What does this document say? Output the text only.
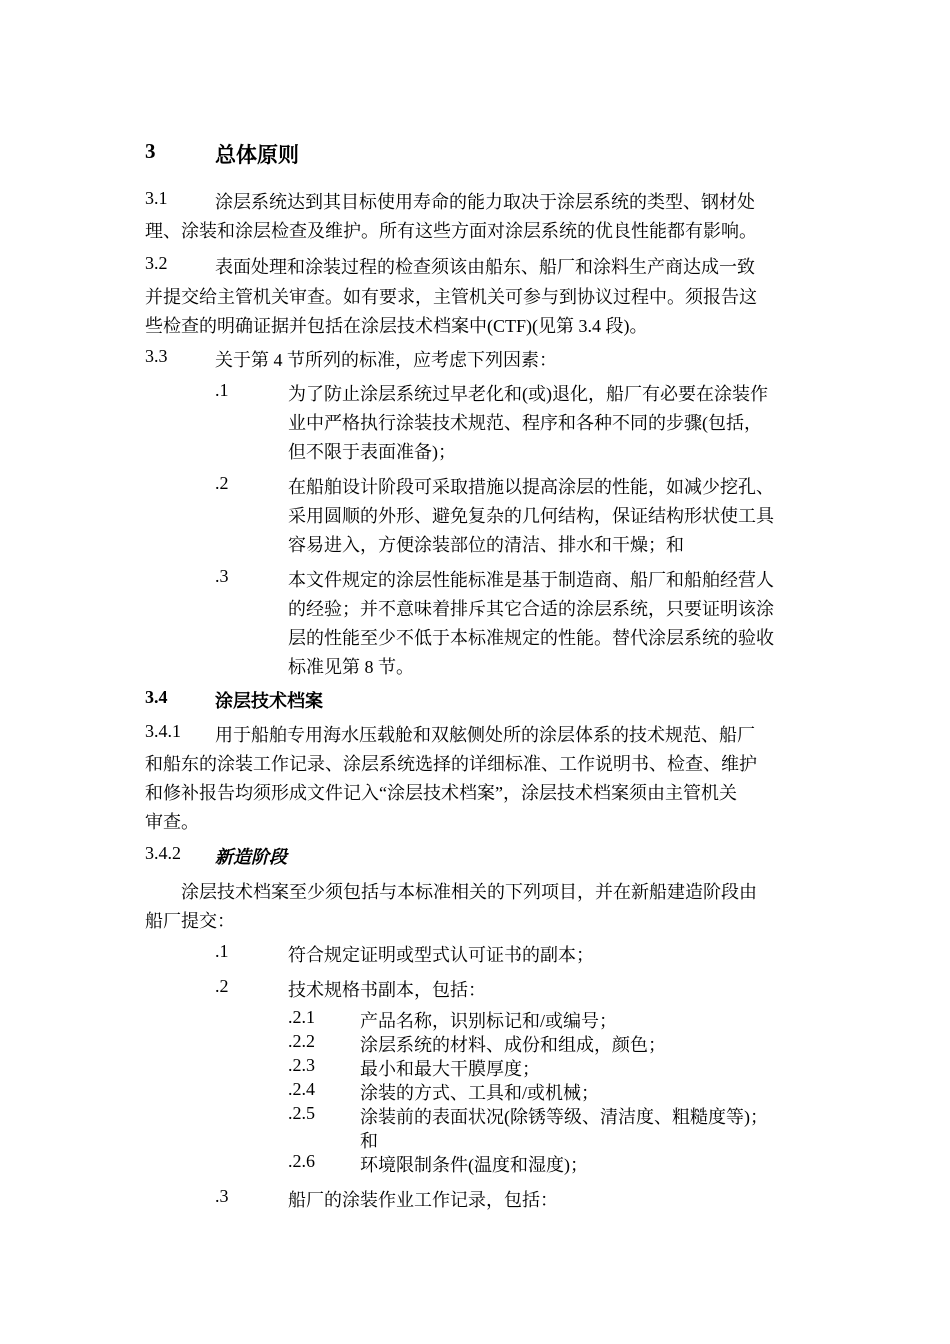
3	总体原则
3.1	涂层系统达到其目标使用寿命的能力取决于涂层系统的类型、钢材处
理、涂装和涂层检查及维护。所有这些方面对涂层系统的优良性能都有影响。
3.2	表面处理和涂装过程的检查须该由船东、船厂和涂料生产商达成一致
并提交给主管机关审查。如有要求，主管机关可参与到协议过程中。须报告这
些检查的明确证据并包括在涂层技术档案中(CTF)(见第 3.4 段)。
3.3	关于第 4 节所列的标准，应考虑下列因素：
.1	为了防止涂层系统过早老化和(或)退化，船厂有必要在涂装作
业中严格执行涂装技术规范、程序和各种不同的步骤(包括，
但不限于表面准备)；
.2	在船舶设计阶段可采取措施以提高涂层的性能，如减少挖孔、
采用圆顺的外形、避免复杂的几何结构，保证结构形状使工具
容易进入，方便涂装部位的清洁、排水和干燥；和
.3	本文件规定的涂层性能标准是基于制造商、船厂和船舶经营人
的经验；并不意味着排斥其它合适的涂层系统，只要证明该涂
层的性能至少不低于本标准规定的性能。替代涂层系统的验收
标准见第 8 节。
3.4	涂层技术档案
3.4.1 用于船舶专用海水压载舱和双舷侧处所的涂层体系的技术规范、船厂
和船东的涂装工作记录、涂层系统选择的详细标准、工作说明书、检查、维护
和修补报告均须形成文件记入“涂层技术档案”，涂层技术档案须由主管机关
审查。
3.4.2 新造阶段
涂层技术档案至少须包括与本标准相关的下列项目，并在新船建造阶段由
船厂提交：
.1	符合规定证明或型式认可证书的副本；
.2	技术规格书副本，包括：
.2.1	产品名称，识别标记和/或编号；
.2.2	涂层系统的材料、成份和组成，颜色；
.2.3	最小和最大干膜厚度；
.2.4	涂装的方式、工具和/或机械；
.2.5	涂装前的表面状况(除锈等级、清洁度、粗糙度等)；
和
.2.6	环境限制条件(温度和湿度)；
.3	船厂的涂装作业工作记录，包括：
